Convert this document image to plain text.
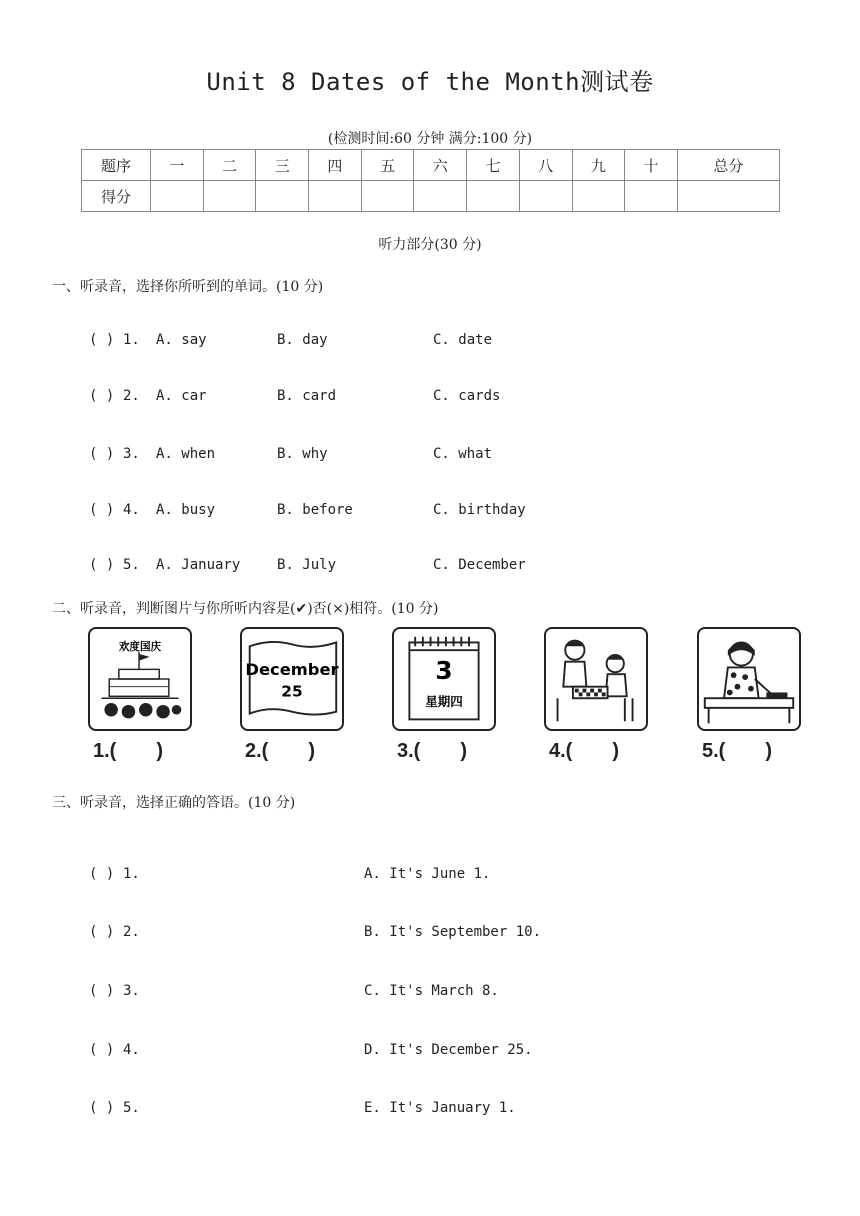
Unit 8 Dates of the Month测试卷
(检测时间:60 分钟 满分:100 分)
题序	一	二	三	四	五	六	七	八	九	十	总分
得分											
听力部分(30 分)
一、听录音，选择你所听到的单词。(10 分)
( ) 1. A. say	B. day	C. date
( ) 2. A. car	B. card	C. cards
( ) 3. A. when	B. why	C. what
( ) 4. A. busy	B. before	C. birthday
( ) 5. A. January	B. July	C. December
二、听录音，判断图片与你所听内容是(✔)否(×)相符。(10 分)
欢度国庆
December
25
3
星期四
1.( )	2.( )	3.( )	4.( )	5.( )
三、听录音，选择正确的答语。(10 分)
( ) 1.	A. It's June 1.
( ) 2.	B. It's September 10.
( ) 3.	C. It's March 8.
( ) 4.	D. It's December 25.
( ) 5.	E. It's January 1.
